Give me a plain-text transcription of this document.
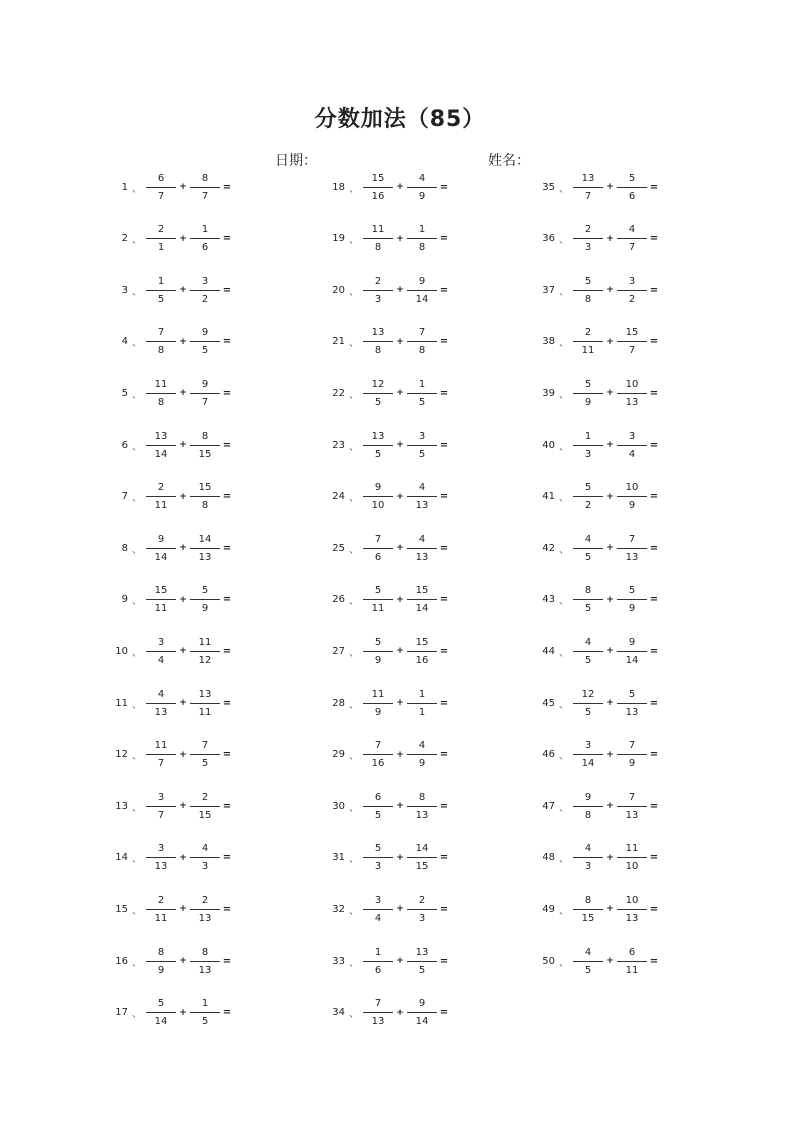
分数加法（85）
日期：	姓名：
1 、 $\frac{6}{7} + \frac{8}{7}$ =
2 、 $\frac{2}{1} + \frac{1}{6}$ =
3 、 $\frac{1}{5} + \frac{3}{2}$ =
4 、 $\frac{7}{8} + \frac{9}{5}$ =
5 、 $\frac{11}{8} + \frac{9}{7}$ =
6 、 $\frac{13}{14} + \frac{8}{15}$ =
7 、 $\frac{2}{11} + \frac{15}{8}$ =
8 、 $\frac{9}{14} + \frac{14}{13}$ =
9 、 $\frac{15}{11} + \frac{5}{9}$ =
10 、 $\frac{3}{4} + \frac{11}{12}$ =
11 、 $\frac{4}{13} + \frac{13}{11}$ =
12 、 $\frac{11}{7} + \frac{7}{5}$ =
13 、 $\frac{3}{7} + \frac{2}{15}$ =
14 、 $\frac{3}{13} + \frac{4}{3}$ =
15 、 $\frac{2}{11} + \frac{2}{13}$ =
16 、 $\frac{8}{9} + \frac{8}{13}$ =
17 、 $\frac{5}{14} + \frac{1}{5}$ =
18 、 $\frac{15}{16} + \frac{4}{9}$ =
19 、 $\frac{11}{8} + \frac{1}{8}$ =
20 、 $\frac{2}{3} + \frac{9}{14}$ =
21 、 $\frac{13}{8} + \frac{7}{8}$ =
22 、 $\frac{12}{5} + \frac{1}{5}$ =
23 、 $\frac{13}{5} + \frac{3}{5}$ =
24 、 $\frac{9}{10} + \frac{4}{13}$ =
25 、 $\frac{7}{6} + \frac{4}{13}$ =
26 、 $\frac{5}{11} + \frac{15}{14}$ =
27 、 $\frac{5}{9} + \frac{15}{16}$ =
28 、 $\frac{11}{9} + \frac{1}{1}$ =
29 、 $\frac{7}{16} + \frac{4}{9}$ =
30 、 $\frac{6}{5} + \frac{8}{13}$ =
31 、 $\frac{5}{3} + \frac{14}{15}$ =
32 、 $\frac{3}{4} + \frac{2}{3}$ =
33 、 $\frac{1}{6} + \frac{13}{5}$ =
34 、 $\frac{7}{13} + \frac{9}{14}$ =
35 、 $\frac{13}{7} + \frac{5}{6}$ =
36 、 $\frac{2}{3} + \frac{4}{7}$ =
37 、 $\frac{5}{8} + \frac{3}{2}$ =
38 、 $\frac{2}{11} + \frac{15}{7}$ =
39 、 $\frac{5}{9} + \frac{10}{13}$ =
40 、 $\frac{1}{3} + \frac{3}{4}$ =
41 、 $\frac{5}{2} + \frac{10}{9}$ =
42 、 $\frac{4}{5} + \frac{7}{13}$ =
43 、 $\frac{8}{5} + \frac{5}{9}$ =
44 、 $\frac{4}{5} + \frac{9}{14}$ =
45 、 $\frac{12}{5} + \frac{5}{13}$ =
46 、 $\frac{3}{14} + \frac{7}{9}$ =
47 、 $\frac{9}{8} + \frac{7}{13}$ =
48 、 $\frac{4}{3} + \frac{11}{10}$ =
49 、 $\frac{8}{15} + \frac{10}{13}$ =
50 、 $\frac{4}{5} + \frac{6}{11}$ =
